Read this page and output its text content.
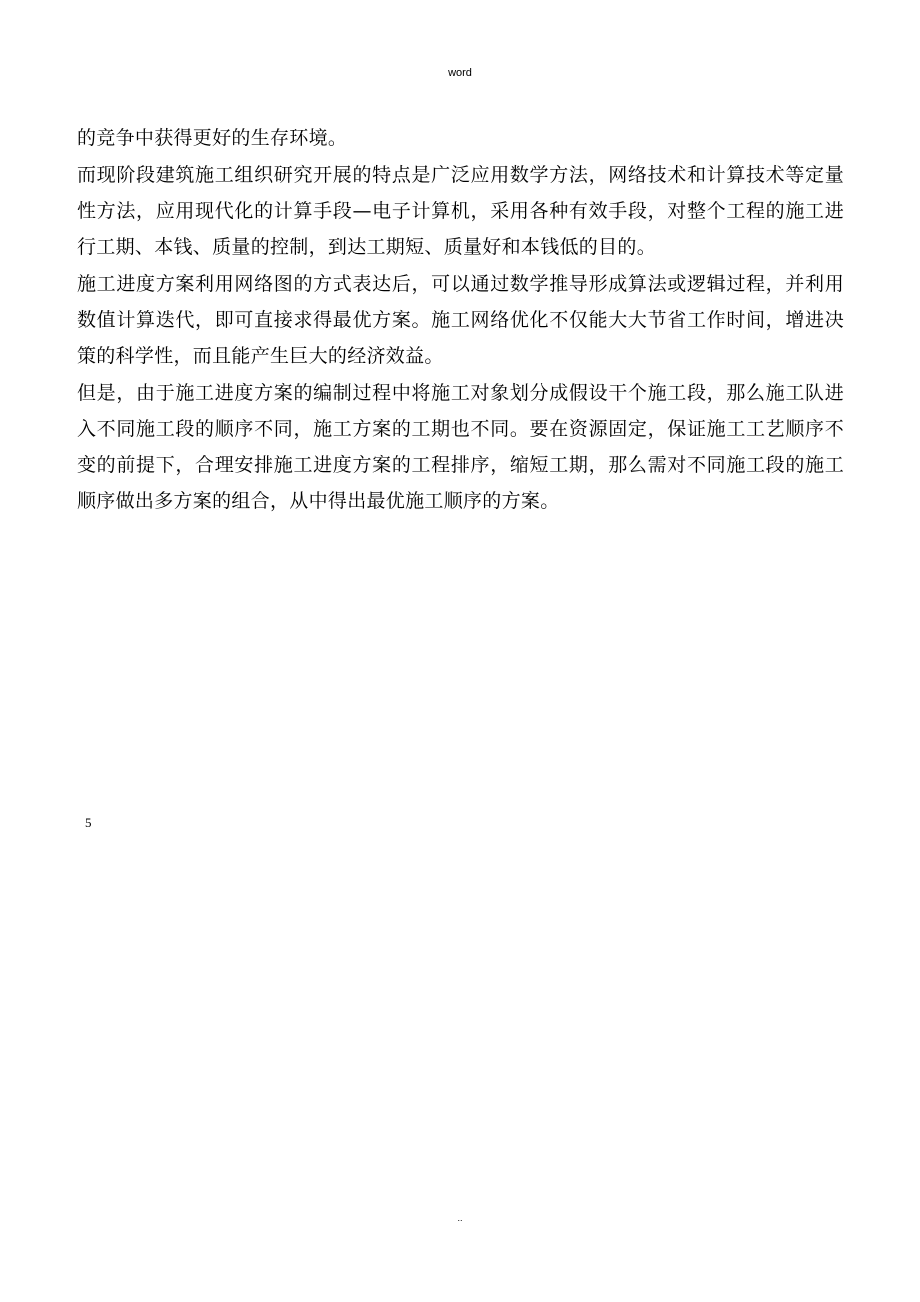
word

的竞争中获得更好的生存环境。

而现阶段建筑施工组织研究开展的特点是广泛应用数学方法，网络技术和计算技术等定量性方法，应用现代化的计算手段—电子计算机，采用各种有效手段，对整个工程的施工进行工期、本钱、质量的控制，到达工期短、质量好和本钱低的目的。

施工进度方案利用网络图的方式表达后，可以通过数学推导形成算法或逻辑过程，并利用数值计算迭代，即可直接求得最优方案。施工网络优化不仅能大大节省工作时间，增进决策的科学性，而且能产生巨大的经济效益。

但是，由于施工进度方案的编制过程中将施工对象划分成假设干个施工段，那么施工队进入不同施工段的顺序不同，施工方案的工期也不同。要在资源固定，保证施工工艺顺序不变的前提下，合理安排施工进度方案的工程排序，缩短工期，那么需对不同施工段的施工顺序做出多方案的组合，从中得出最优施工顺序的方案。

5
..
